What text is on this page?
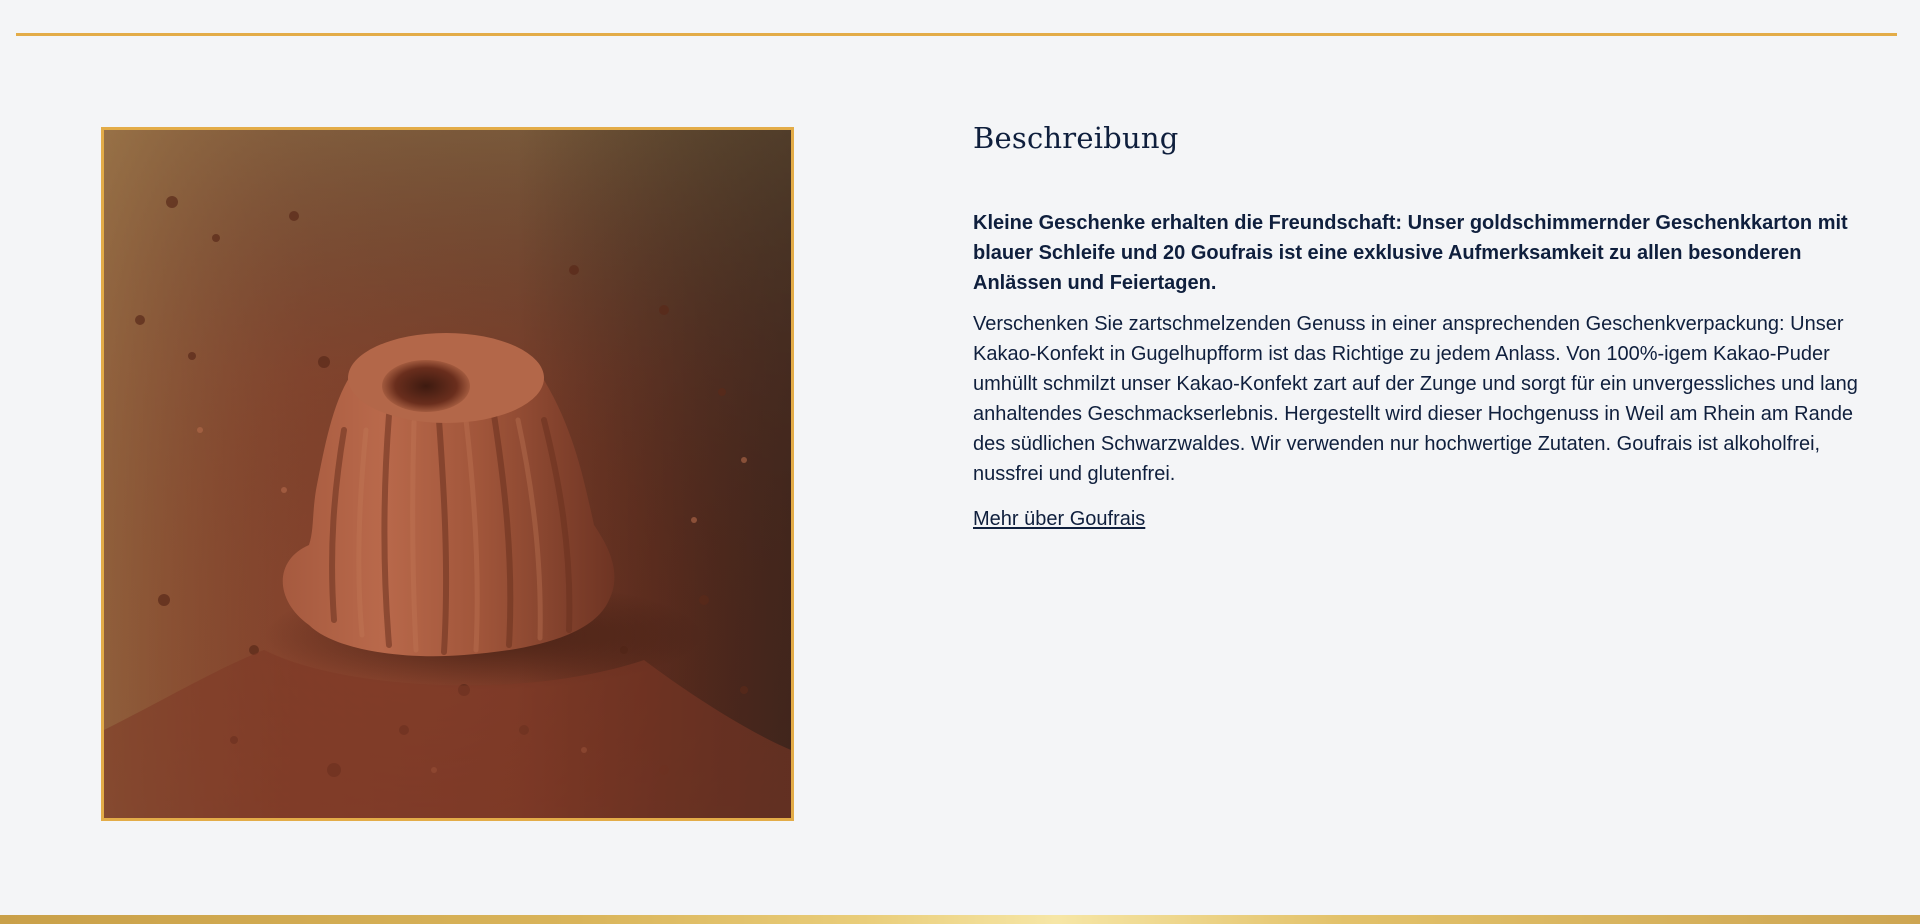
Beschreibung

Kleine Geschenke erhalten die Freundschaft: Unser goldschimmernder Geschenkkarton mit blauer Schleife und 20 Goufrais ist eine exklusive Aufmerksamkeit zu allen besonderen Anlässen und Feiertagen.

Verschenken Sie zartschmelzenden Genuss in einer ansprechenden Geschenkverpackung: Unser Kakao-Konfekt in Gugelhupfform ist das Richtige zu jedem Anlass. Von 100%-igem Kakao-Puder umhüllt schmilzt unser Kakao-Konfekt zart auf der Zunge und sorgt für ein unvergessliches und lang anhaltendes Geschmackserlebnis. Hergestellt wird dieser Hochgenuss in Weil am Rhein am Rande des südlichen Schwarzwaldes. Wir verwenden nur hochwertige Zutaten. Goufrais ist alkoholfrei, nussfrei und glutenfrei.

Mehr über Goufrais
